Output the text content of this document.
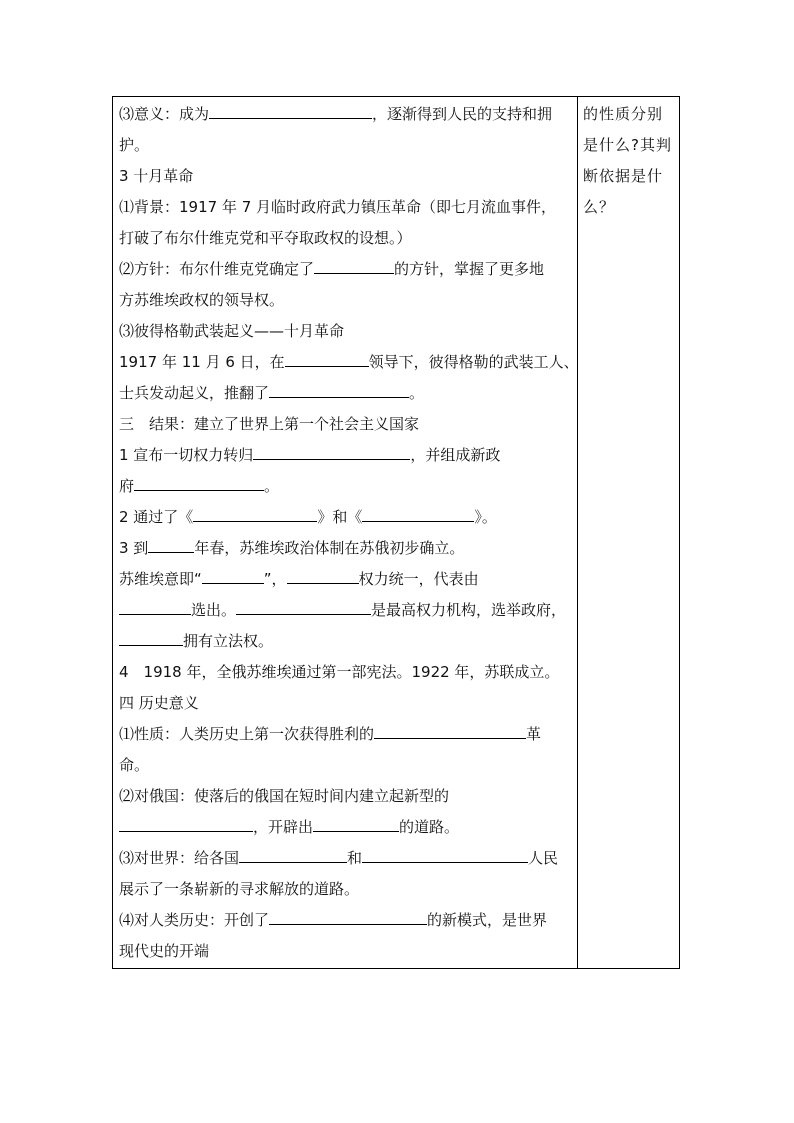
⑶意义：成为	，逐渐得到人民的支持和拥
护。
3 十月革命
⑴背景：1917 年 7 月临时政府武力镇压革命（即七月流血事件，
打破了布尔什维克党和平夺取政权的设想。）
⑵方针：布尔什维克党确定了	的方针，掌握了更多地
方苏维埃政权的领导权。
⑶彼得格勒武装起义——十月革命
1917 年 11 月 6 日，在	领导下，彼得格勒的武装工人、
士兵发动起义，推翻了	。
三　结果：建立了世界上第一个社会主义国家
1 宣布一切权力转归	，并组成新政
府	。
2 通过了《	》和《	》。
3 到	年春，苏维埃政治体制在苏俄初步确立。
苏维埃意即“	”，	权力统一，代表由
选出。	是最高权力机构，选举政府，
拥有立法权。
4　1918 年，全俄苏维埃通过第一部宪法。1922 年，苏联成立。
四 历史意义
⑴性质：人类历史上第一次获得胜利的	革
命。
⑵对俄国：使落后的俄国在短时间内建立起新型的
，开辟出	的道路。
⑶对世界：给各国	和	人民
展示了一条崭新的寻求解放的道路。
⑷对人类历史：开创了	的新模式，是世界
现代史的开端
的性质分别
是什么?其判
断依据是什
么？
